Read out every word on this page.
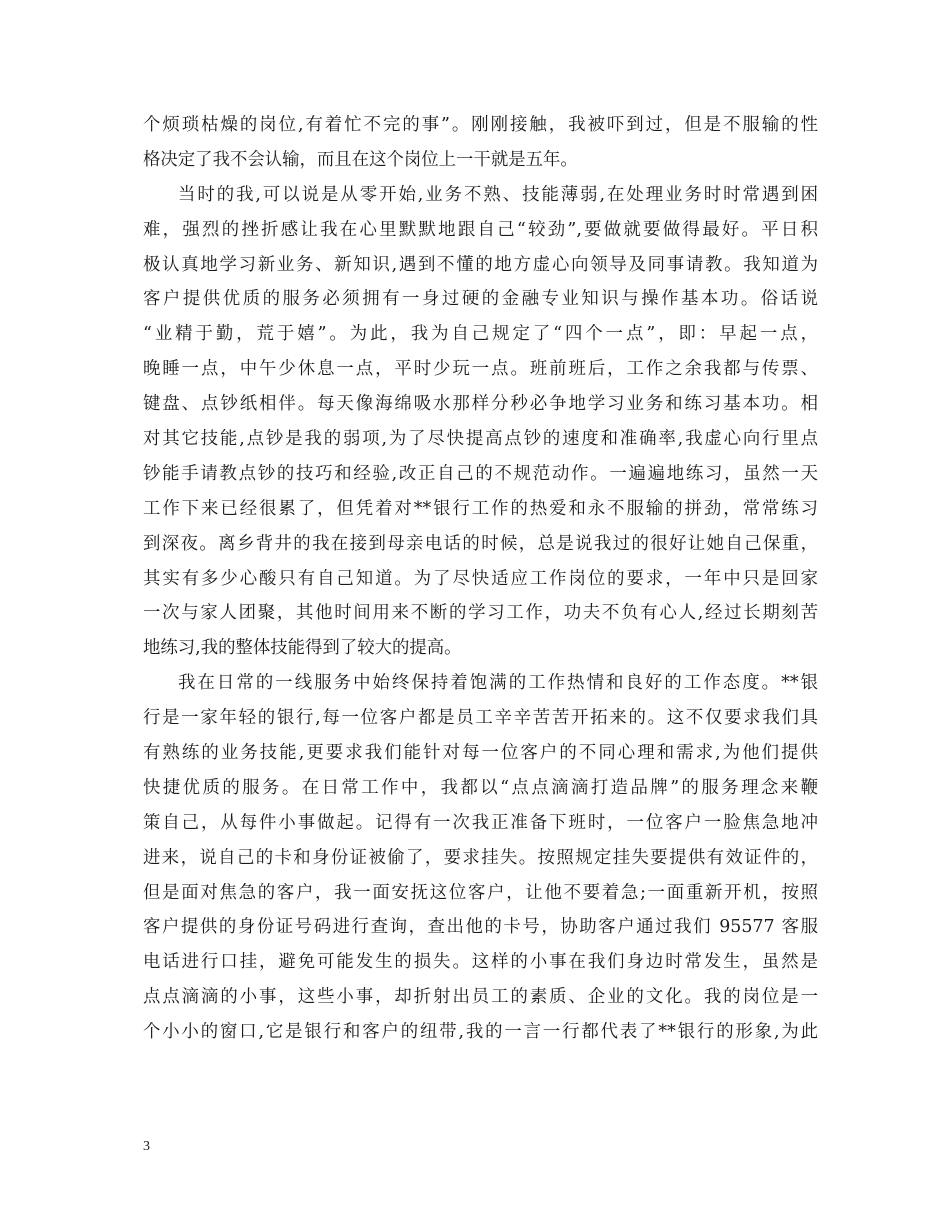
个烦琐枯燥的岗位,有着忙不完的事”。刚刚接触，我被吓到过，但是不服输的性
格决定了我不会认输，而且在这个岗位上一干就是五年。
当时的我,可以说是从零开始,业务不熟、技能薄弱,在处理业务时时常遇到困
难，强烈的挫折感让我在心里默默地跟自己“较劲”,要做就要做得最好。平日积
极认真地学习新业务、新知识,遇到不懂的地方虚心向领导及同事请教。我知道为
客户提供优质的服务必须拥有一身过硬的金融专业知识与操作基本功。俗话说
“业精于勤，荒于嬉”。为此，我为自己规定了“四个一点”，即：早起一点，
晚睡一点，中午少休息一点，平时少玩一点。班前班后，工作之余我都与传票、
键盘、点钞纸相伴。每天像海绵吸水那样分秒必争地学习业务和练习基本功。相
对其它技能,点钞是我的弱项,为了尽快提高点钞的速度和准确率,我虚心向行里点
钞能手请教点钞的技巧和经验,改正自己的不规范动作。一遍遍地练习，虽然一天
工作下来已经很累了，但凭着对**银行工作的热爱和永不服输的拼劲，常常练习
到深夜。离乡背井的我在接到母亲电话的时候，总是说我过的很好让她自己保重，
其实有多少心酸只有自己知道。为了尽快适应工作岗位的要求，一年中只是回家
一次与家人团聚，其他时间用来不断的学习工作，功夫不负有心人,经过长期刻苦
地练习,我的整体技能得到了较大的提高。
我在日常的一线服务中始终保持着饱满的工作热情和良好的工作态度。**银
行是一家年轻的银行,每一位客户都是员工辛辛苦苦开拓来的。这不仅要求我们具
有熟练的业务技能,更要求我们能针对每一位客户的不同心理和需求,为他们提供
快捷优质的服务。在日常工作中，我都以“点点滴滴打造品牌”的服务理念来鞭
策自己，从每件小事做起。记得有一次我正准备下班时，一位客户一脸焦急地冲
进来，说自己的卡和身份证被偷了，要求挂失。按照规定挂失要提供有效证件的，
但是面对焦急的客户，我一面安抚这位客户，让他不要着急;一面重新开机，按照
客户提供的身份证号码进行查询，查出他的卡号，协助客户通过我们 95577 客服
电话进行口挂，避免可能发生的损失。这样的小事在我们身边时常发生，虽然是
点点滴滴的小事，这些小事，却折射出员工的素质、企业的文化。我的岗位是一
个小小的窗口,它是银行和客户的纽带,我的一言一行都代表了**银行的形象,为此
3
